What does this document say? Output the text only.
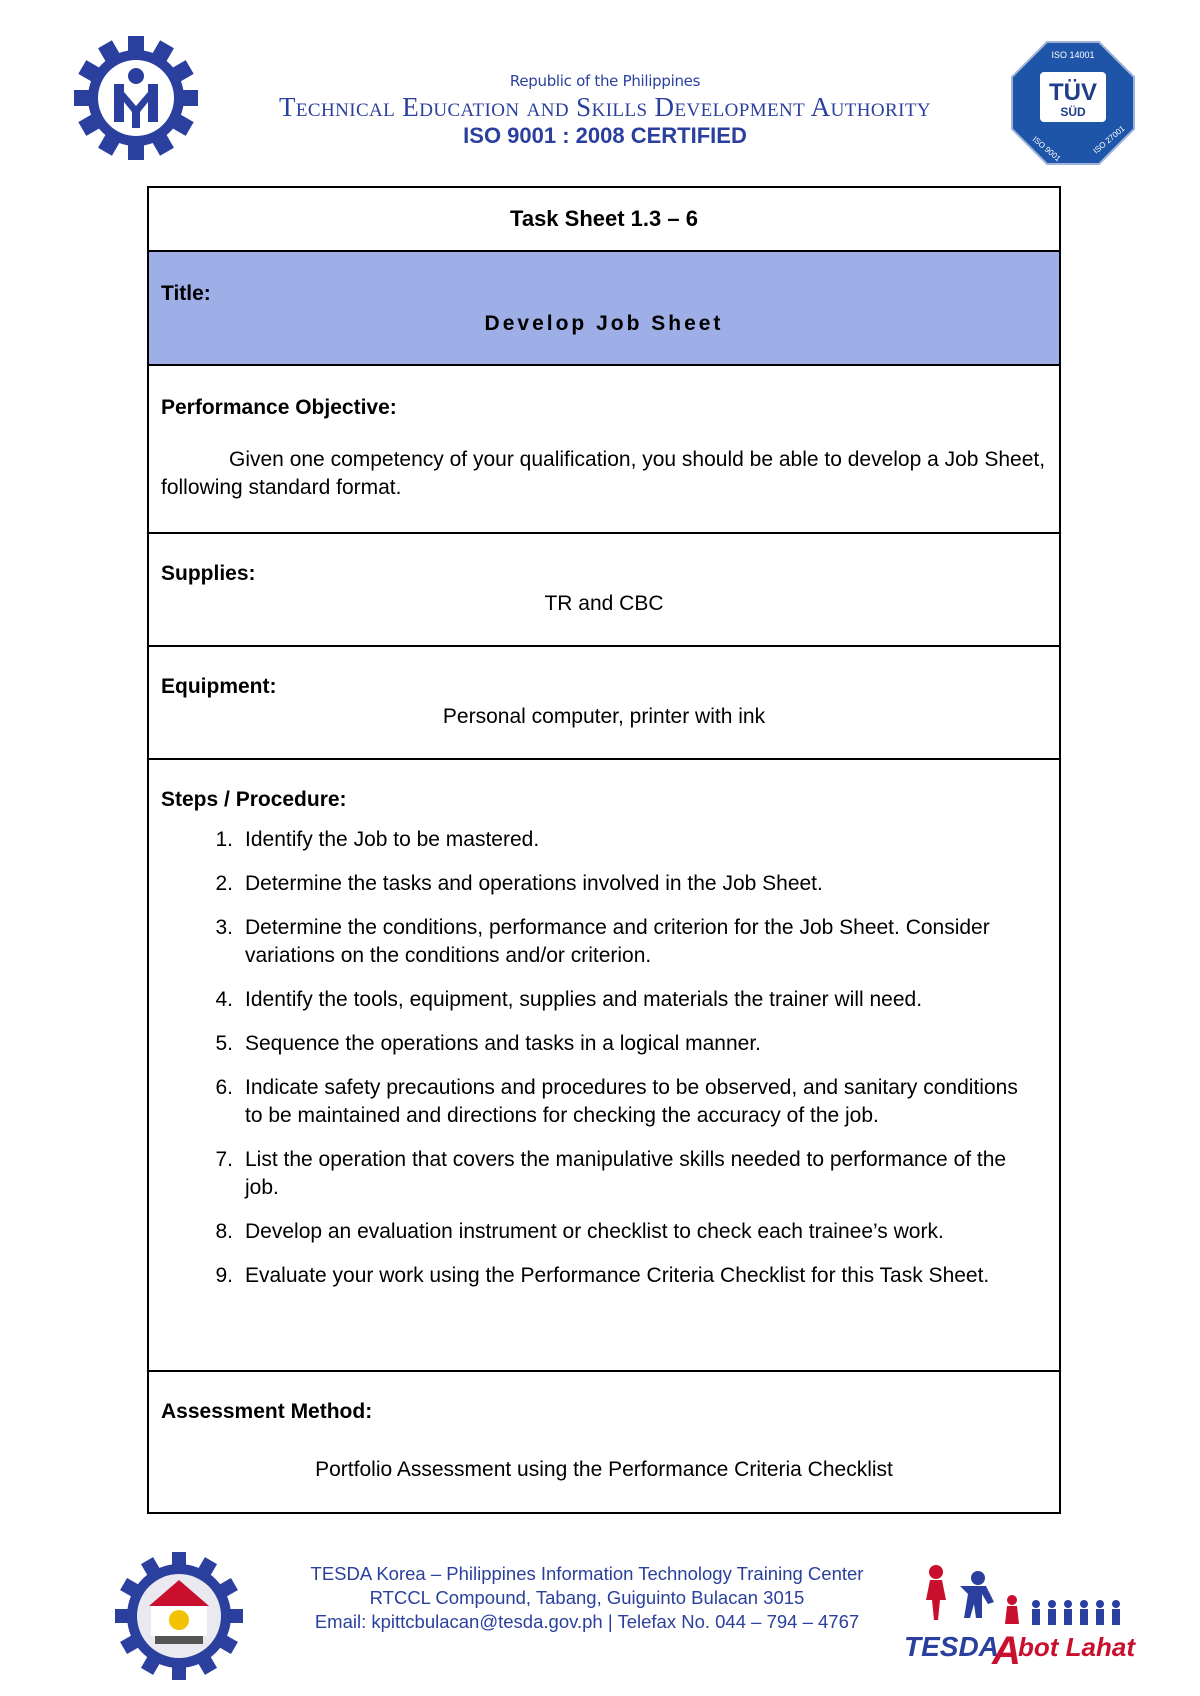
Republic of the Philippines
Technical Education and Skills Development Authority
ISO 9001 : 2008 CERTIFIED
ISO 14001
TÜV
SÜD
ISO 9001	ISO 27001
Task Sheet 1.3 – 6
Title:
Develop Job Sheet
Performance Objective:
Given one competency of your qualification, you should be able to develop a Job Sheet, following standard format.
Supplies:
TR and CBC
Equipment:
Personal computer, printer with ink
Steps / Procedure:
1. Identify the Job to be mastered.
2. Determine the tasks and operations involved in the Job Sheet.
3. Determine the conditions, performance and criterion for the Job Sheet. Consider variations on the conditions and/or criterion.
4. Identify the tools, equipment, supplies and materials the trainer will need.
5. Sequence the operations and tasks in a logical manner.
6. Indicate safety precautions and procedures to be observed, and sanitary conditions to be maintained and directions for checking the accuracy of the job.
7. List the operation that covers the manipulative skills needed to performance of the job.
8. Develop an evaluation instrument or checklist to check each trainee’s work.
9. Evaluate your work using the Performance Criteria Checklist for this Task Sheet.
Assessment Method:
Portfolio Assessment using the Performance Criteria Checklist
TESDA Korea – Philippines Information Technology Training Center
RTCCL Compound, Tabang, Guiguinto Bulacan 3015
Email: kpittcbulacan@tesda.gov.ph | Telefax No. 044 – 794 – 4767
TESDA
A
bot Lahat
